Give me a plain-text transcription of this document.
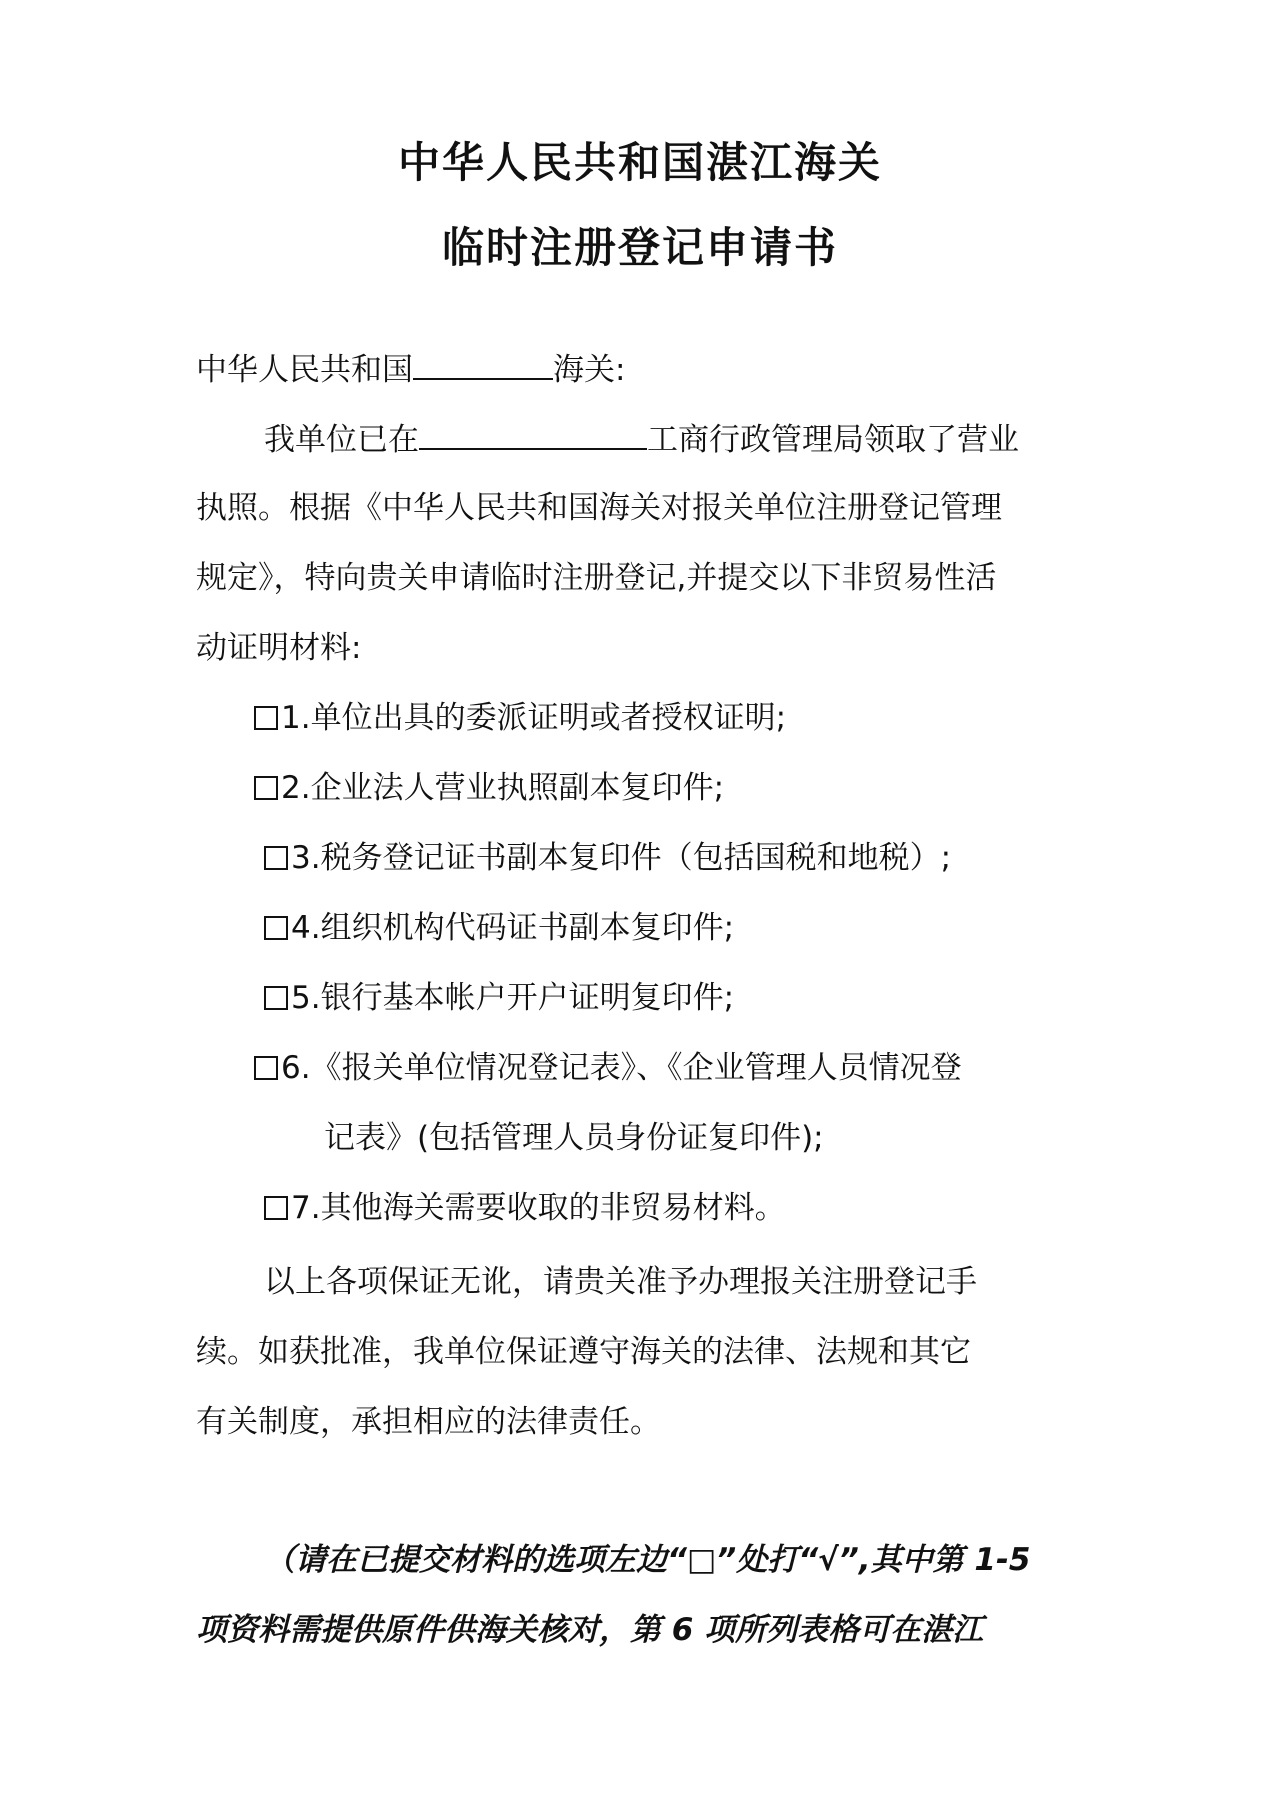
中华人民共和国湛江海关
临时注册登记申请书

中华人民共和国	海关:

我单位已在	工商行政管理局领取了营业

执照。根据《中华人民共和国海关对报关单位注册登记管理

规定》，特向贵关申请临时注册登记,并提交以下非贸易性活

动证明材料:

1.单位出具的委派证明或者授权证明;

2.企业法人营业执照副本复印件;

3.税务登记证书副本复印件（包括国税和地税）;

4.组织机构代码证书副本复印件;

5.银行基本帐户开户证明复印件;

6.《报关单位情况登记表》、《企业管理人员情况登

记表》(包括管理人员身份证复印件);

7.其他海关需要收取的非贸易材料。

以上各项保证无讹，请贵关准予办理报关注册登记手

续。如获批准，我单位保证遵守海关的法律、法规和其它

有关制度，承担相应的法律责任。

（请在已提交材料的选项左边“□”处打“√”,其中第 1-5

项资料需提供原件供海关核对，第 6 项所列表格可在湛江
